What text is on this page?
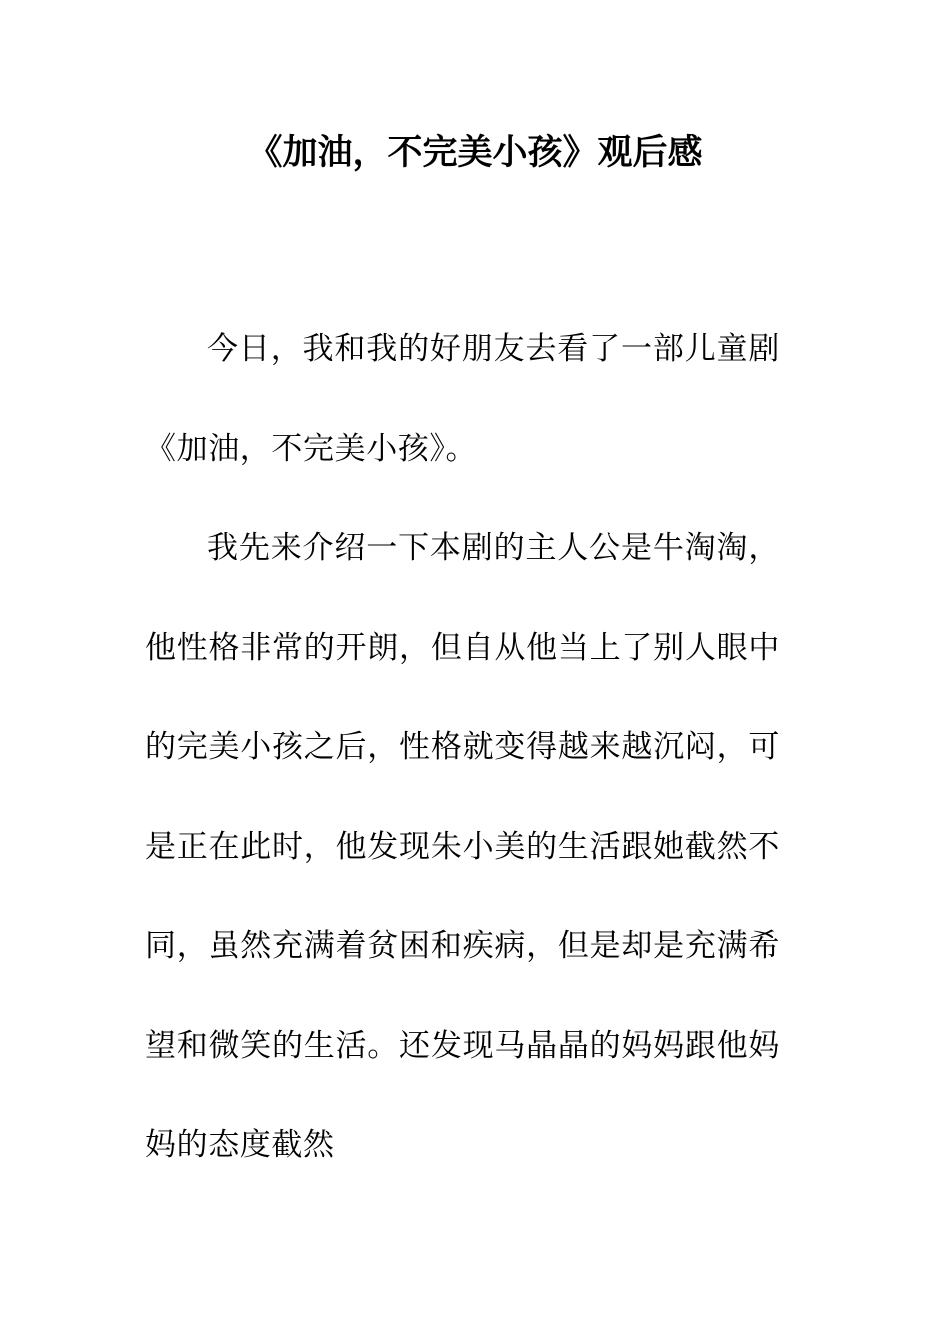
《加油，不完美小孩》观后感

今日，我和我的好朋友去看了一部儿童剧《加油，不完美小孩》。

我先来介绍一下本剧的主人公是牛淘淘，他性格非常的开朗，但自从他当上了别人眼中的完美小孩之后，性格就变得越来越沉闷，可是正在此时，他发现朱小美的生活跟她截然不同，虽然充满着贫困和疾病，但是却是充满希望和微笑的生活。还发现马晶晶的妈妈跟他妈妈的态度截然
